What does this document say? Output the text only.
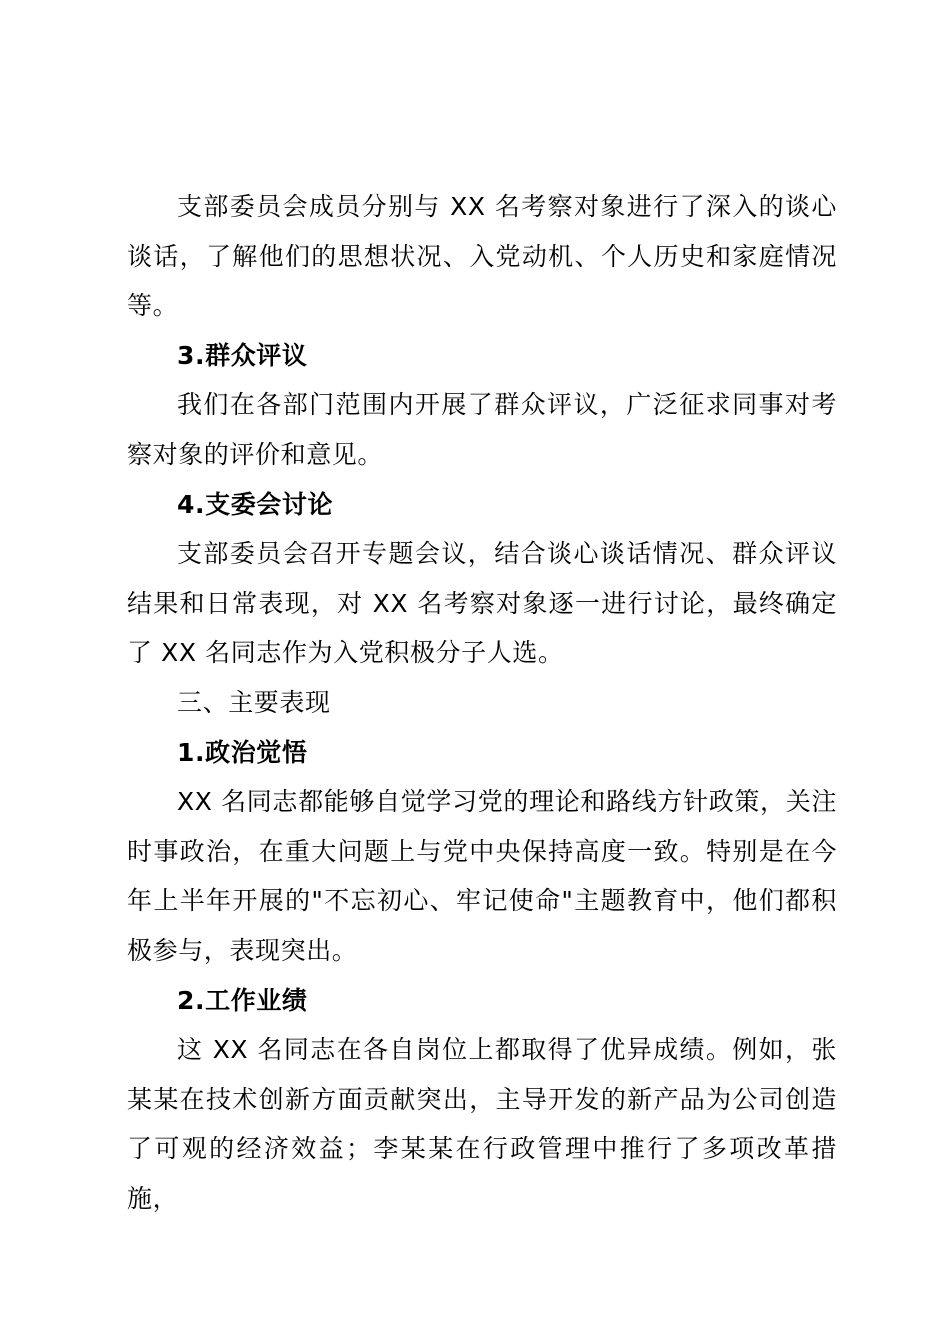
支部委员会成员分别与 XX 名考察对象进行了深入的谈心谈话，了解他们的思想状况、入党动机、个人历史和家庭情况等。

3.群众评议

我们在各部门范围内开展了群众评议，广泛征求同事对考察对象的评价和意见。

4.支委会讨论

支部委员会召开专题会议，结合谈心谈话情况、群众评议结果和日常表现，对 XX 名考察对象逐一进行讨论，最终确定了 XX 名同志作为入党积极分子人选。

三、主要表现

1.政治觉悟

XX 名同志都能够自觉学习党的理论和路线方针政策，关注时事政治，在重大问题上与党中央保持高度一致。特别是在今年上半年开展的"不忘初心、牢记使命"主题教育中，他们都积极参与，表现突出。

2.工作业绩

这 XX 名同志在各自岗位上都取得了优异成绩。例如，张某某在技术创新方面贡献突出，主导开发的新产品为公司创造了可观的经济效益；李某某在行政管理中推行了多项改革措施，
